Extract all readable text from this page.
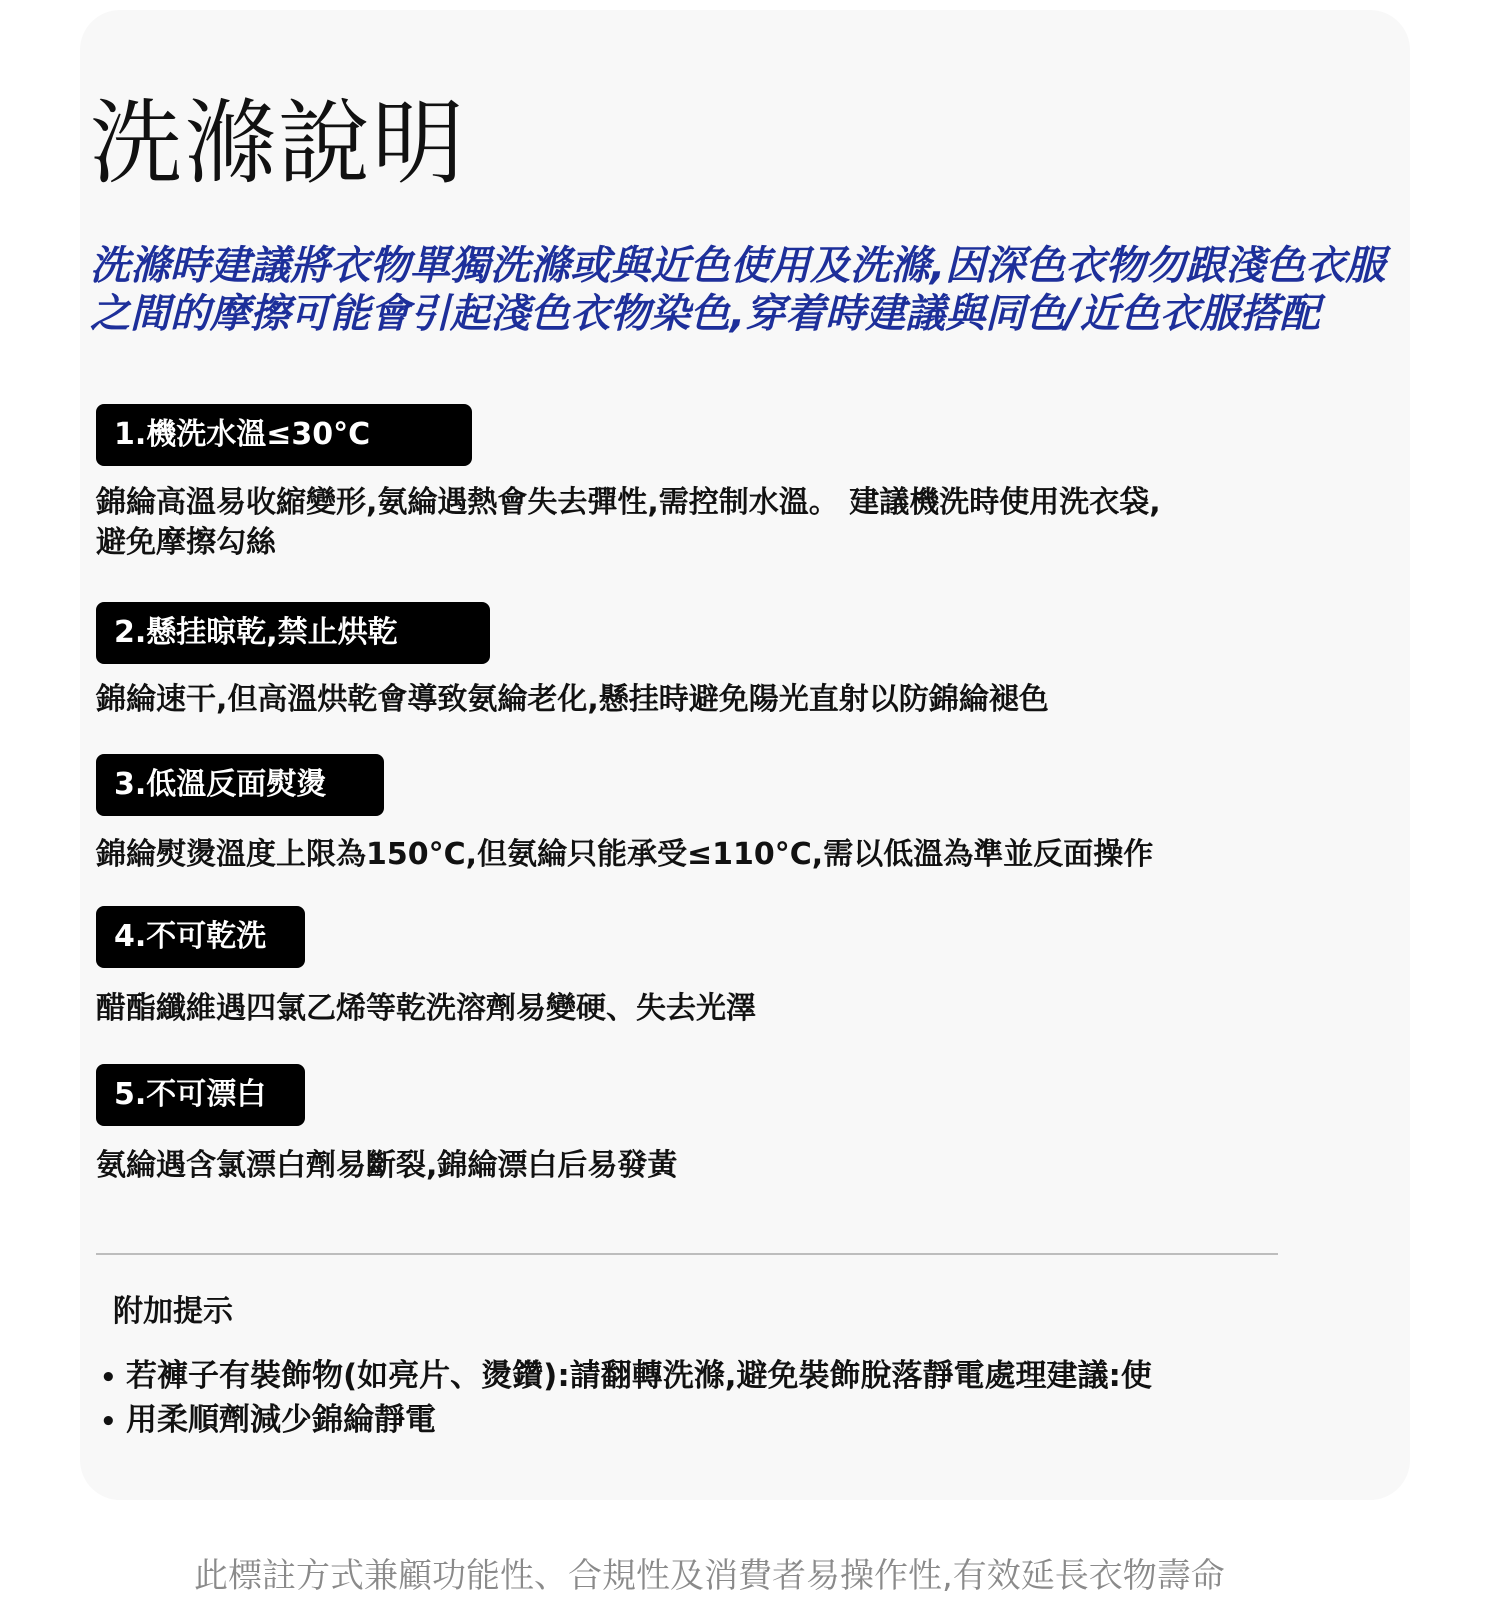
洗滌說明

洗滌時建議將衣物單獨洗滌或與近色使用及洗滌,因深色衣物勿跟淺色衣服
之間的摩擦可能會引起淺色衣物染色,穿着時建議與同色/近色衣服搭配

1.機洗水溫≤30°C
錦綸高溫易收縮變形,氨綸遇熱會失去彈性,需控制水溫。 建議機洗時使用洗衣袋,
避免摩擦勾絲
2.懸挂晾乾,禁止烘乾
錦綸速干,但高溫烘乾會導致氨綸老化,懸挂時避免陽光直射以防錦綸褪色
3.低溫反面熨燙
錦綸熨燙溫度上限為150°C,但氨綸只能承受≤110°C,需以低溫為準並反面操作
4.不可乾洗
醋酯纖維遇四氯乙烯等乾洗溶劑易變硬、失去光澤
5.不可漂白
氨綸遇含氯漂白劑易斷裂,錦綸漂白后易發黃
附加提示
• 若褲子有裝飾物(如亮片、燙鑽):請翻轉洗滌,避免裝飾脫落靜電處理建議:使
• 用柔順劑減少錦綸靜電
此標註方式兼顧功能性、合規性及消費者易操作性,有效延長衣物壽命
